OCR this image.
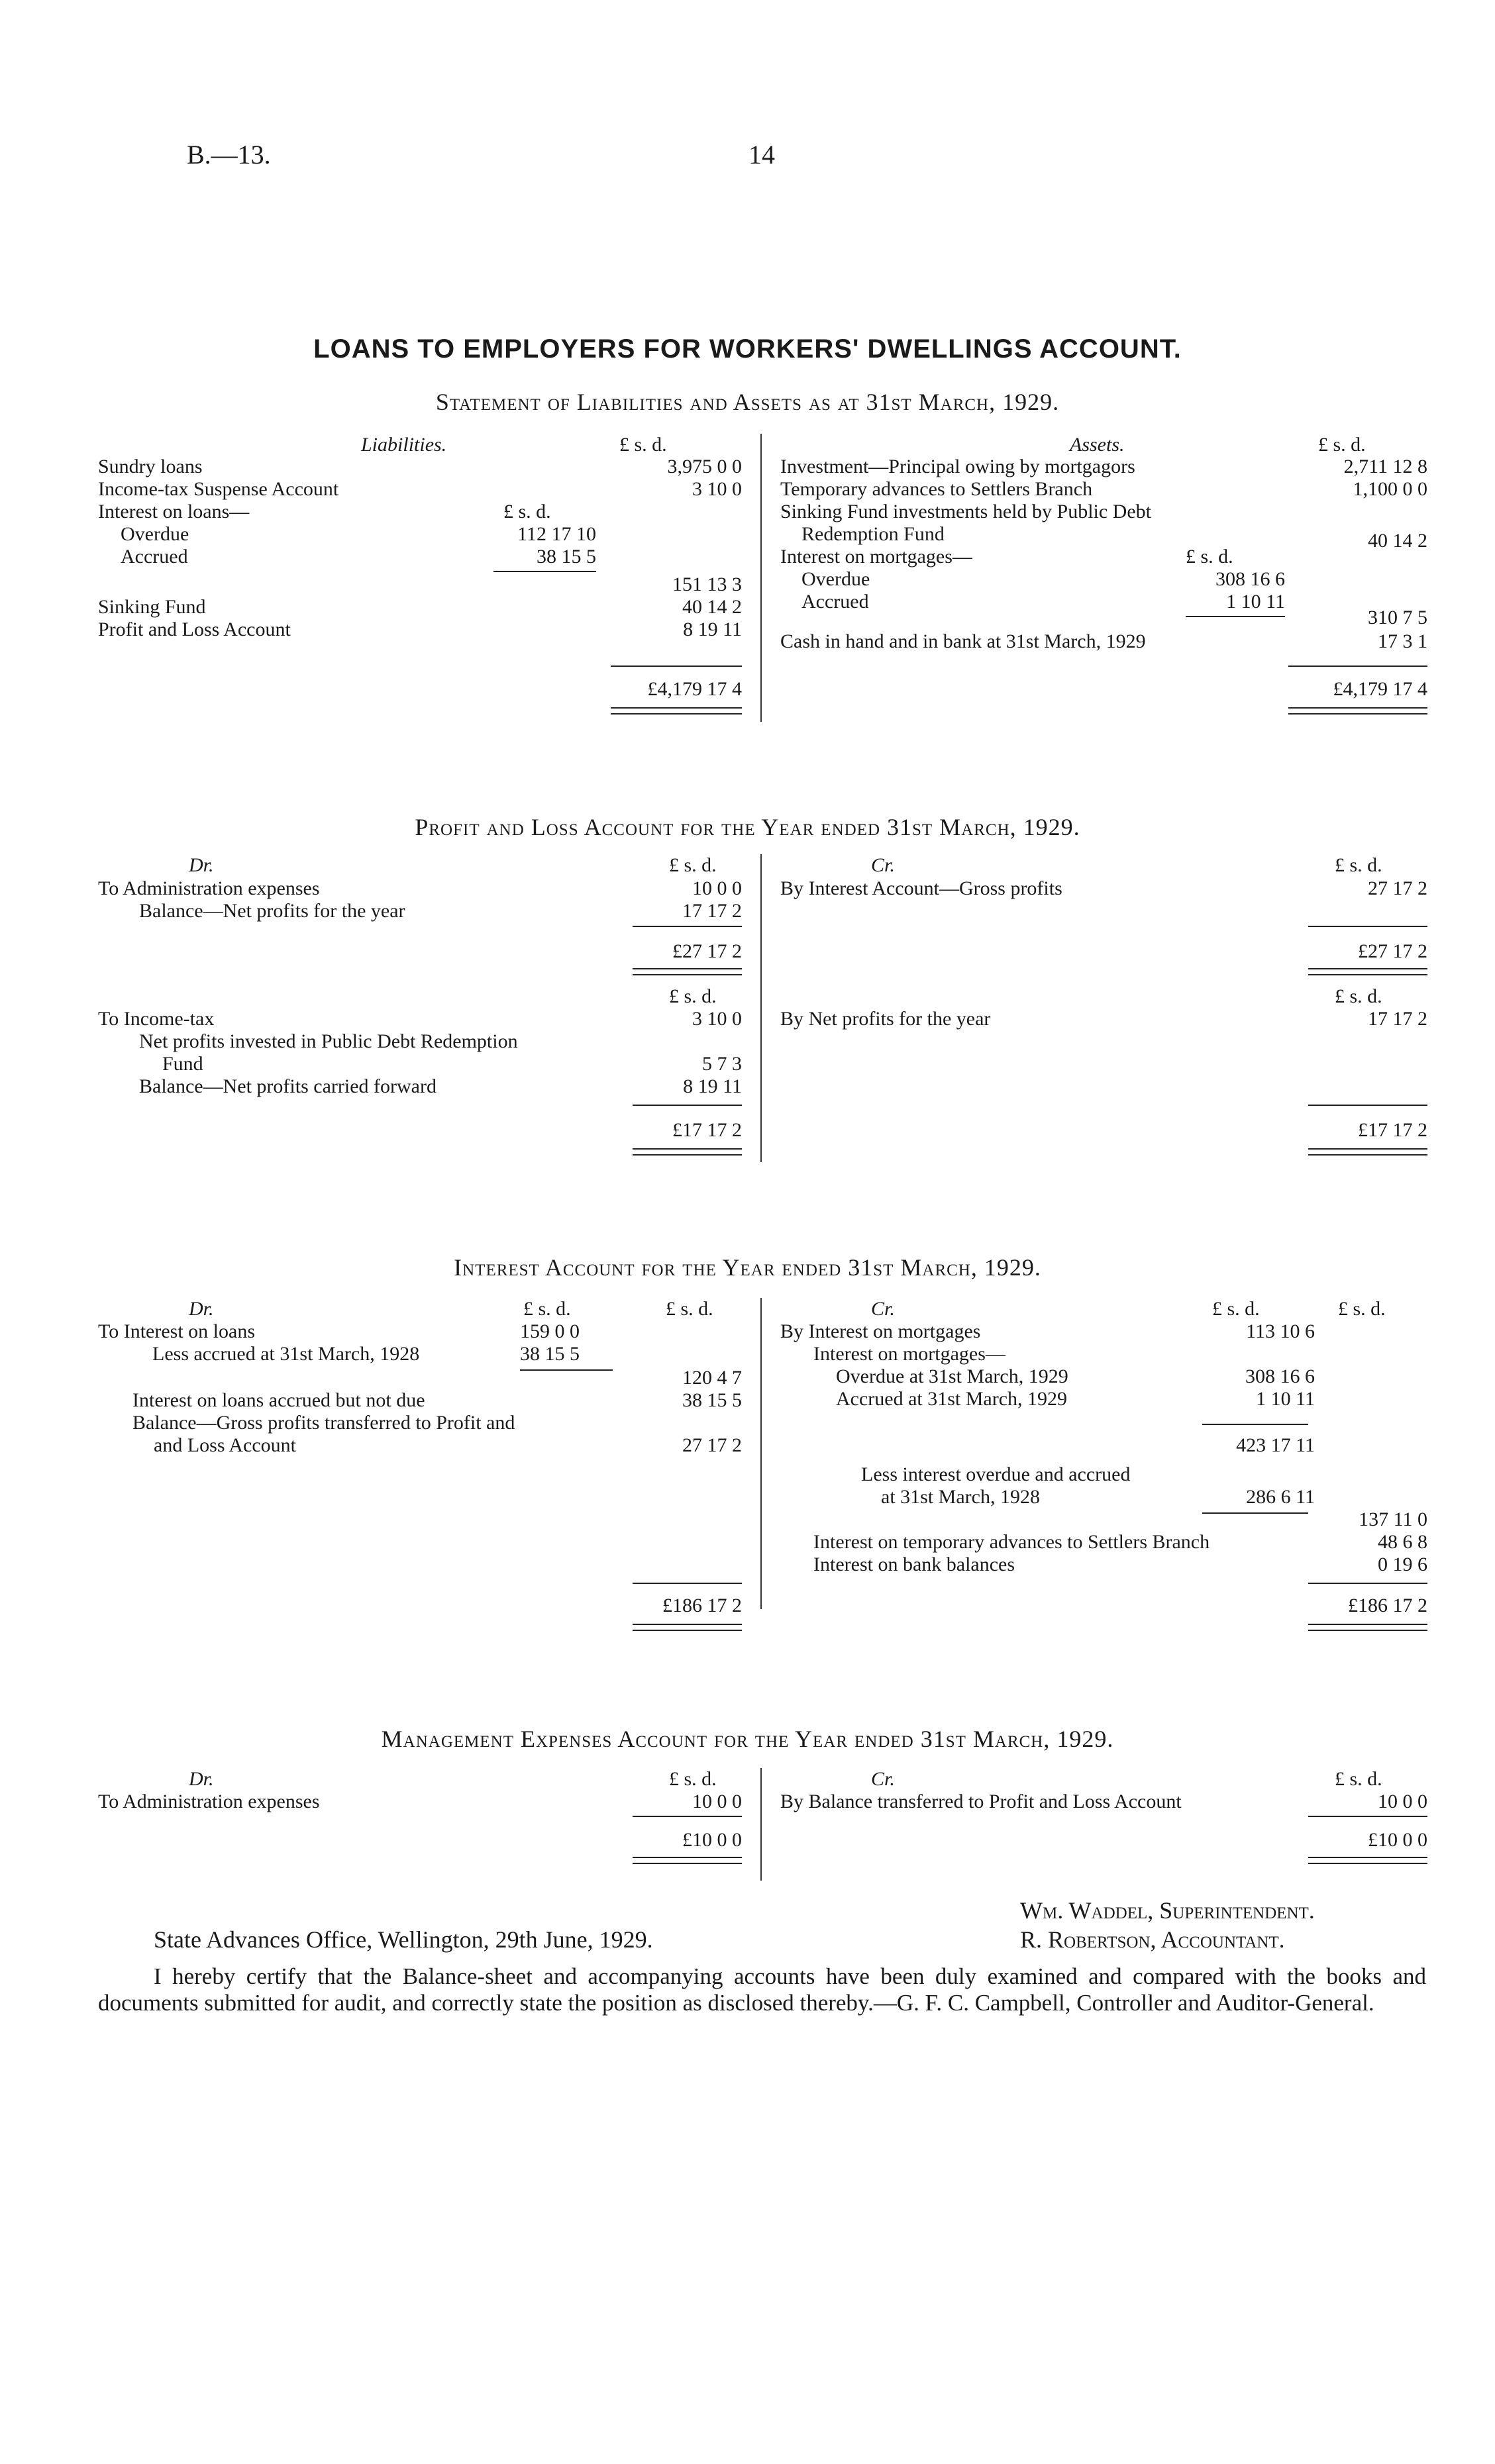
B.—13.	14
LOANS TO EMPLOYERS FOR WORKERS' DWELLINGS ACCOUNT.
Statement of Liabilities and Assets as at 31st March, 1929.
Liabilities.	£ s. d.
Sundry loans	3,975 0 0
Income-tax Suspense Account	3 10 0
Interest on loans—	£ s. d.
Overdue	112 17 10
Accrued	38 15 5
151 13 3
Sinking Fund	40 14 2
Profit and Loss Account	8 19 11
£4,179 17 4
Assets.	£ s. d.
Investment—Principal owing by mortgagors	2,711 12 8
Temporary advances to Settlers Branch	1,100 0 0
Sinking Fund investments held by Public Debt
Redemption Fund	40 14 2
Interest on mortgages—	£ s. d.
Overdue	308 16 6
Accrued	1 10 11
310 7 5
Cash in hand and in bank at 31st March, 1929	17 3 1
£4,179 17 4
Profit and Loss Account for the Year ended 31st March, 1929.
Dr.	£ s. d.	Cr.	£ s. d.
To Administration expenses	10 0 0
Balance—Net profits for the year	17 17 2
£27 17 2
By Interest Account—Gross profits	27 17 2
£27 17 2
£ s. d.	£ s. d.
To Income-tax	3 10 0
Net profits invested in Public Debt Redemption
Fund	5 7 3
Balance—Net profits carried forward	8 19 11
£17 17 2
By Net profits for the year	17 17 2
£17 17 2
Interest Account for the Year ended 31st March, 1929.
Dr.	£ s. d.	£ s. d.	Cr.	£ s. d.	£ s. d.
To Interest on loans	159 0 0
Less accrued at 31st March, 1928	38 15 5
120 4 7
Interest on loans accrued but not due	38 15 5
Balance—Gross profits transferred to Profit and
and Loss Account	27 17 2
£186 17 2
By Interest on mortgages	113 10 6
Interest on mortgages—
Overdue at 31st March, 1929	308 16 6
Accrued at 31st March, 1929	1 10 11
423 17 11
Less interest overdue and accrued
at 31st March, 1928	286 6 11
137 11 0
Interest on temporary advances to Settlers Branch	48 6 8
Interest on bank balances	0 19 6
£186 17 2
Management Expenses Account for the Year ended 31st March, 1929.
Dr.	£ s. d.	Cr.	£ s. d.
To Administration expenses	10 0 0
£10 0 0
By Balance transferred to Profit and Loss Account	10 0 0
£10 0 0
Wm. Waddel, Superintendent.
State Advances Office, Wellington, 29th June, 1929.	R. Robertson, Accountant.
I hereby certify that the Balance-sheet and accompanying accounts have been duly examined and compared with the books and documents submitted for audit, and correctly state the position as disclosed thereby.—G. F. C. Campbell, Controller and Auditor-General.
